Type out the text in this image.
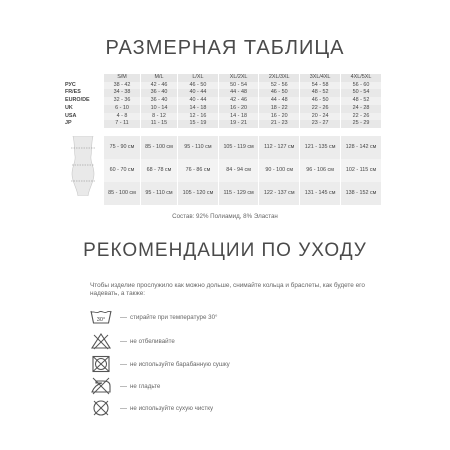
РАЗМЕРНАЯ ТАБЛИЦА
	S/M	M/L	L/XL	XL/2XL	2XL/3XL	3XL/4XL	4XL/5XL
РУС	38 - 42	42 - 46	46 - 50	50 - 54	52 - 56	54 - 58	56 - 60
FR/ES	34 - 38	36 - 40	40 - 44	44 - 48	46 - 50	48 - 52	50 - 54
EURO/DE	32 - 36	36 - 40	40 - 44	42 - 46	44 - 48	46 - 50	48 - 52
UK	6 - 10	10 - 14	14 - 18	16 - 20	18 - 22	22 - 26	24 - 28
USA	4 - 8	8 - 12	12 - 16	14 - 18	16 - 20	20 - 24	22 - 26
JP	7 - 11	11 - 15	15 - 19	19 - 21	21 - 23	23 - 27	25 - 29

	75 - 90 см	85 - 100 см	95 - 110 см	105 - 119 см	112 - 127 см	121 - 135 см	128 - 142 см
	60 - 70 см	68 - 78 см	76 - 86 см	84 - 94 см	90 - 100 см	96 - 106 см	102 - 115 см
	85 - 100 см	95 - 110 см	105 - 120 см	115 - 129 см	122 - 137 см	131 - 145 см	138 - 152 см
Состав: 92% Полиамид, 8% Эластан
РЕКОМЕНДАЦИИ ПО УХОДУ
Чтобы изделие прослужило как можно дольше, снимайте кольца и браслеты, как будете его надевать, а также:
30° — стирайте при температуре 30°
— не отбеливайте
— не используйте барабанную сушку
— не гладьте
— не используйте сухую чистку
